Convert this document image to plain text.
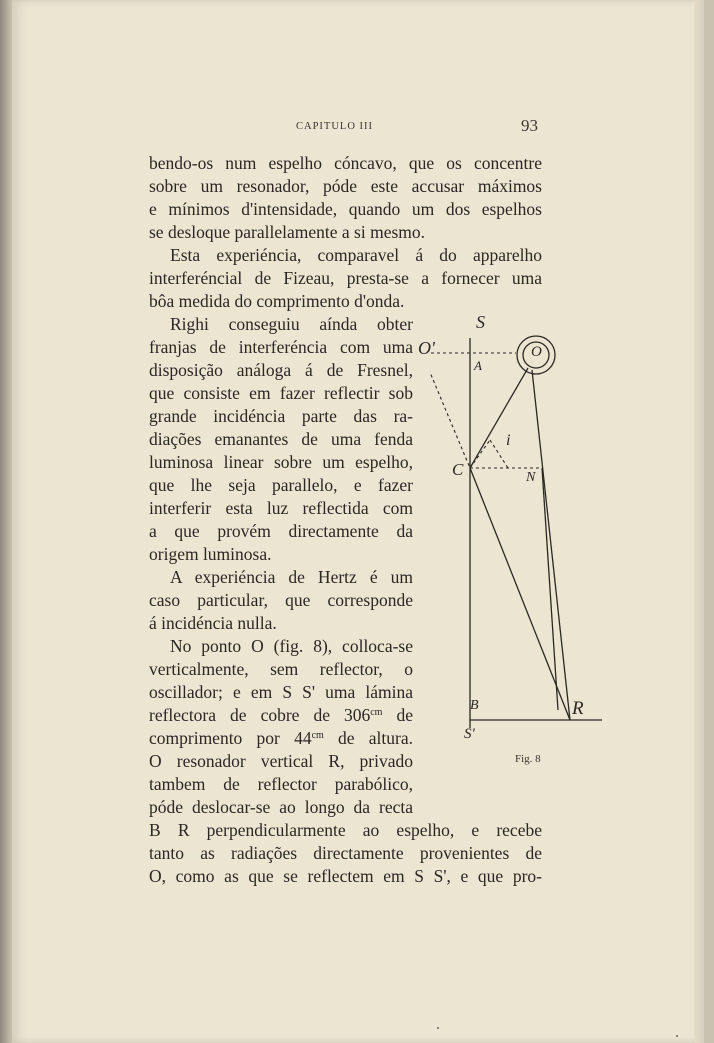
CAPITULO III	93
bendo-os num espelho cóncavo, que os concentre
sobre um resonador, póde este accusar máximos
e mínimos d'intensidade, quando um dos espelhos
se desloque parallelamente a si mesmo.
Esta experiéncia, comparavel á do apparelho
interferéncial de Fizeau, presta-se a fornecer uma
bôa medida do comprimento d'onda.
Righi conseguiu aínda obter
franjas de interferéncia com uma
disposição análoga á de Fresnel,
que consiste em fazer reflectir sob
grande incidéncia parte das ra-
diações emanantes de uma fenda
luminosa linear sobre um espelho,
que lhe seja parallelo, e fazer
interferir esta luz reflectida com
a que provém directamente da
origem luminosa.
A experiéncia de Hertz é um
caso particular, que corresponde
á incidéncia nulla.
No ponto O (fig. 8), colloca-se
verticalmente, sem reflector, o
oscillador; e em S S' uma lámina
reflectora de cobre de $306^{cm}$ de
comprimento por $44^{cm}$ de altura.
O resonador vertical R, privado
tambem de reflector parabólico,
póde deslocar-se ao longo da recta
B R perpendicularmente ao espelho, e recebe
tanto as radiações directamente provenientes de
O, como as que se reflectem em S S', e que pro-
S
O'	O
A
C
i
N
B
S'
R
Fig. 8
